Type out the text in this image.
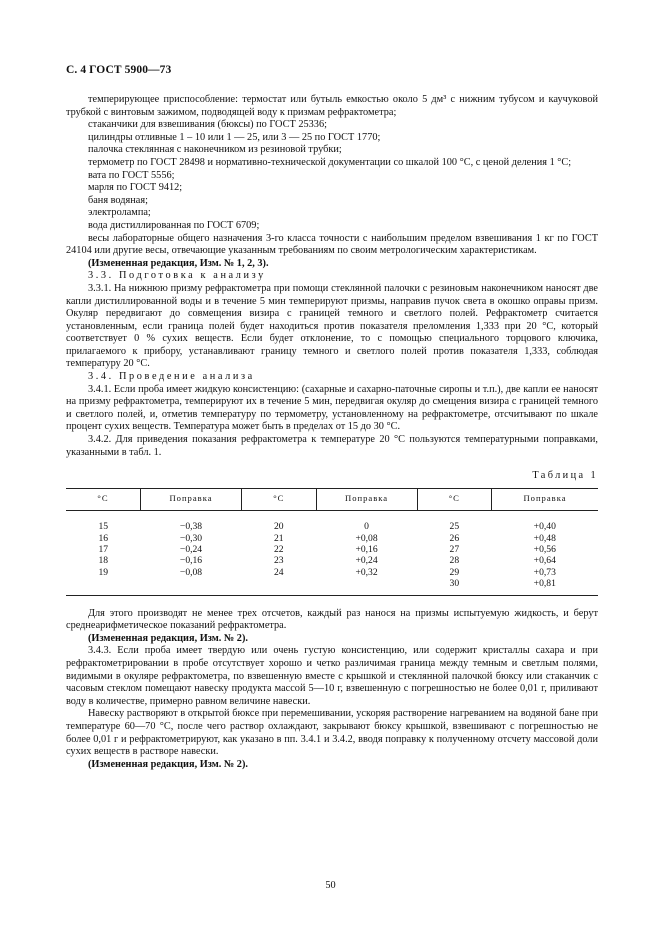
С. 4 ГОСТ 5900—73

темперирующее приспособление: термостат или бутыль емкостью около 5 дм³ с нижним тубусом и каучуковой трубкой с винтовым зажимом, подводящей воду к призмам рефрактометра;

стаканчики для взвешивания (бюксы) по ГОСТ 25336;

цилиндры отливные 1 – 10 или 1 — 25, или 3 — 25 по ГОСТ 1770;

палочка стеклянная с наконечником из резиновой трубки;

термометр по ГОСТ 28498 и нормативно-технической документации со шкалой 100 °С, с ценой деления 1 °С;

вата по ГОСТ 5556;

марля по ГОСТ 9412;

баня водяная;

электролампа;

вода дистиллированная по ГОСТ 6709;

весы лабораторные общего назначения 3-го класса точности с наибольшим пределом взвешивания 1 кг по ГОСТ 24104 или другие весы, отвечающие указанным требованиям по своим метрологическим характеристикам.

(Измененная редакция, Изм. № 1, 2, 3).

3.3. Подготовка к анализу

3.3.1. На нижнюю призму рефрактометра при помощи стеклянной палочки с резиновым наконечником наносят две капли дистиллированной воды и в течение 5 мин темперируют призмы, направив пучок света в окошко оправы призм. Окуляр передвигают до совмещения визира с границей темного и светлого полей. Рефрактометр считается установленным, если граница полей будет находиться против показателя преломления 1,333 при 20 °С, который соответствует 0 % сухих веществ. Если будет отклонение, то с помощью специального торцового ключика, прилагаемого к прибору, устанавливают границу темного и светлого полей против показателя 1,333, соблюдая температуру 20 °С.

3.4. Проведение анализа

3.4.1. Если проба имеет жидкую консистенцию: (сахарные и сахарно-паточные сиропы и т.п.), две капли ее наносят на призму рефрактометра, темперируют их в течение 5 мин, передвигая окуляр до смещения визира с границей темного и светлого полей, и, отметив температуру по термометру, установленному на рефрактометре, отсчитывают по шкале процент сухих веществ. Температура может быть в пределах от 15 до 30 °С.

3.4.2. Для приведения показания рефрактометра к температуре 20 °С пользуются температурными поправками, указанными в табл. 1.

Таблица 1
°С	Поправка	°С	Поправка	°С	Поправка
15	−0,38	20	0	25	+0,40
16	−0,30	21	+0,08	26	+0,48
17	−0,24	22	+0,16	27	+0,56
18	−0,16	23	+0,24	28	+0,64
19	−0,08	24	+0,32	29	+0,73
				30	+0,81

Для этого производят не менее трех отсчетов, каждый раз нанося на призмы испытуемую жидкость, и берут среднеарифметическое показаний рефрактометра.

(Измененная редакция, Изм. № 2).

3.4.3. Если проба имеет твердую или очень густую консистенцию, или содержит кристаллы сахара и при рефрактометрировании в пробе отсутствует хорошо и четко различимая граница между темным и светлым полями, видимыми в окуляре рефрактометра, по взвешенную вместе с крышкой и стеклянной палочкой бюксу или стаканчик с часовым стеклом помещают навеску продукта массой 5—10 г, взвешенную с погрешностью не более 0,01 г, приливают воду в количестве, примерно равном величине навески.

Навеску растворяют в открытой бюксе при перемешивании, ускоряя растворение нагреванием на водяной бане при температуре 60—70 °С, после чего раствор охлаждают, закрывают бюксу крышкой, взвешивают с погрешностью не более 0,01 г и рефрактометрируют, как указано в пп. 3.4.1 и 3.4.2, вводя поправку к полученному отсчету массовой доли сухих веществ в растворе навески.

(Измененная редакция, Изм. № 2).

50
